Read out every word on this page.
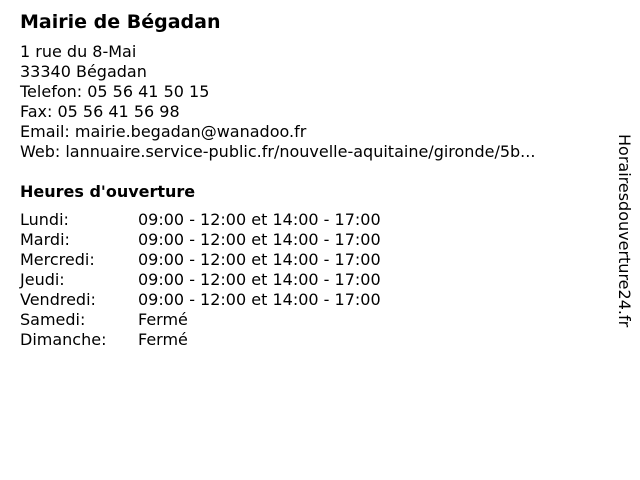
Mairie de Bégadan
1 rue du 8-Mai
33340 Bégadan
Telefon: 05 56 41 50 15
Fax: 05 56 41 56 98
Email: mairie.begadan@wanadoo.fr
Web: lannuaire.service-public.fr/nouvelle-aquitaine/gironde/5b...
Heures d'ouverture
Lundi:	09:00 - 12:00 et 14:00 - 17:00
Mardi:	09:00 - 12:00 et 14:00 - 17:00
Mercredi:	09:00 - 12:00 et 14:00 - 17:00
Jeudi:	09:00 - 12:00 et 14:00 - 17:00
Vendredi:	09:00 - 12:00 et 14:00 - 17:00
Samedi:	Fermé
Dimanche:	Fermé
Horairesdouverture24.fr
